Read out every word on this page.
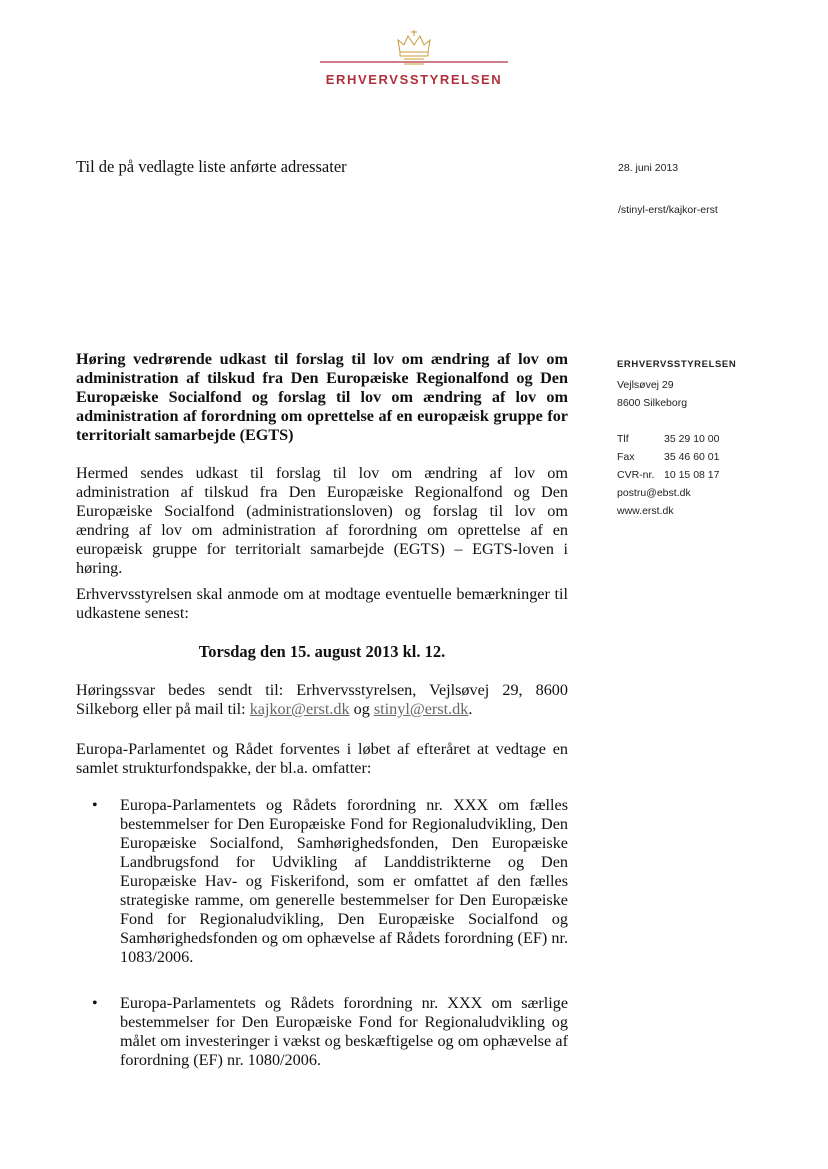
ERHVERVSSTYRELSEN
Til de på vedlagte liste anførte adressater	28. juni 2013
/stinyl-erst/kajkor-erst
ERHVERVSSTYRELSEN
Vejlsøvej 29
8600 Silkeborg
Tlf	35 29 10 00
Fax	35 46 60 01
CVR-nr. 10 15 08 17
postru@ebst.dk
www.erst.dk
Høring vedrørende udkast til forslag til lov om ændring af lov om administration af tilskud fra Den Europæiske Regionalfond og Den Europæiske Socialfond og forslag til lov om ændring af lov om administration af forordning om oprettelse af en europæisk gruppe for territorialt samarbejde (EGTS)
Hermed sendes udkast til forslag til lov om ændring af lov om administration af tilskud fra Den Europæiske Regionalfond og Den Europæiske Socialfond (administrationsloven) og forslag til lov om ændring af lov om administration af forordning om oprettelse af en europæisk gruppe for territorialt samarbejde (EGTS) – EGTS-loven i høring.
Erhvervsstyrelsen skal anmode om at modtage eventuelle bemærkninger til udkastene senest:
Torsdag den 15. august 2013 kl. 12.
Høringssvar bedes sendt til: Erhvervsstyrelsen, Vejlsøvej 29, 8600 Silkeborg eller på mail til: kajkor@erst.dk og stinyl@erst.dk.
Europa-Parlamentet og Rådet forventes i løbet af efteråret at vedtage en samlet strukturfondspakke, der bl.a. omfatter:
•	Europa-Parlamentets og Rådets forordning nr. XXX om fælles bestemmelser for Den Europæiske Fond for Regionaludvikling, Den Europæiske Socialfond, Samhørighedsfonden, Den Europæiske Landbrugsfond for Udvikling af Landdistrikterne og Den Europæiske Hav- og Fiskerifond, som er omfattet af den fælles strategiske ramme, om generelle bestemmelser for Den Europæiske Fond for Regionaludvikling, Den Europæiske Socialfond og Samhørighedsfonden og om ophævelse af Rådets forordning (EF) nr. 1083/2006.
•	Europa-Parlamentets og Rådets forordning nr. XXX om særlige bestemmelser for Den Europæiske Fond for Regionaludvikling og målet om investeringer i vækst og beskæftigelse og om ophævelse af forordning (EF) nr. 1080/2006.
